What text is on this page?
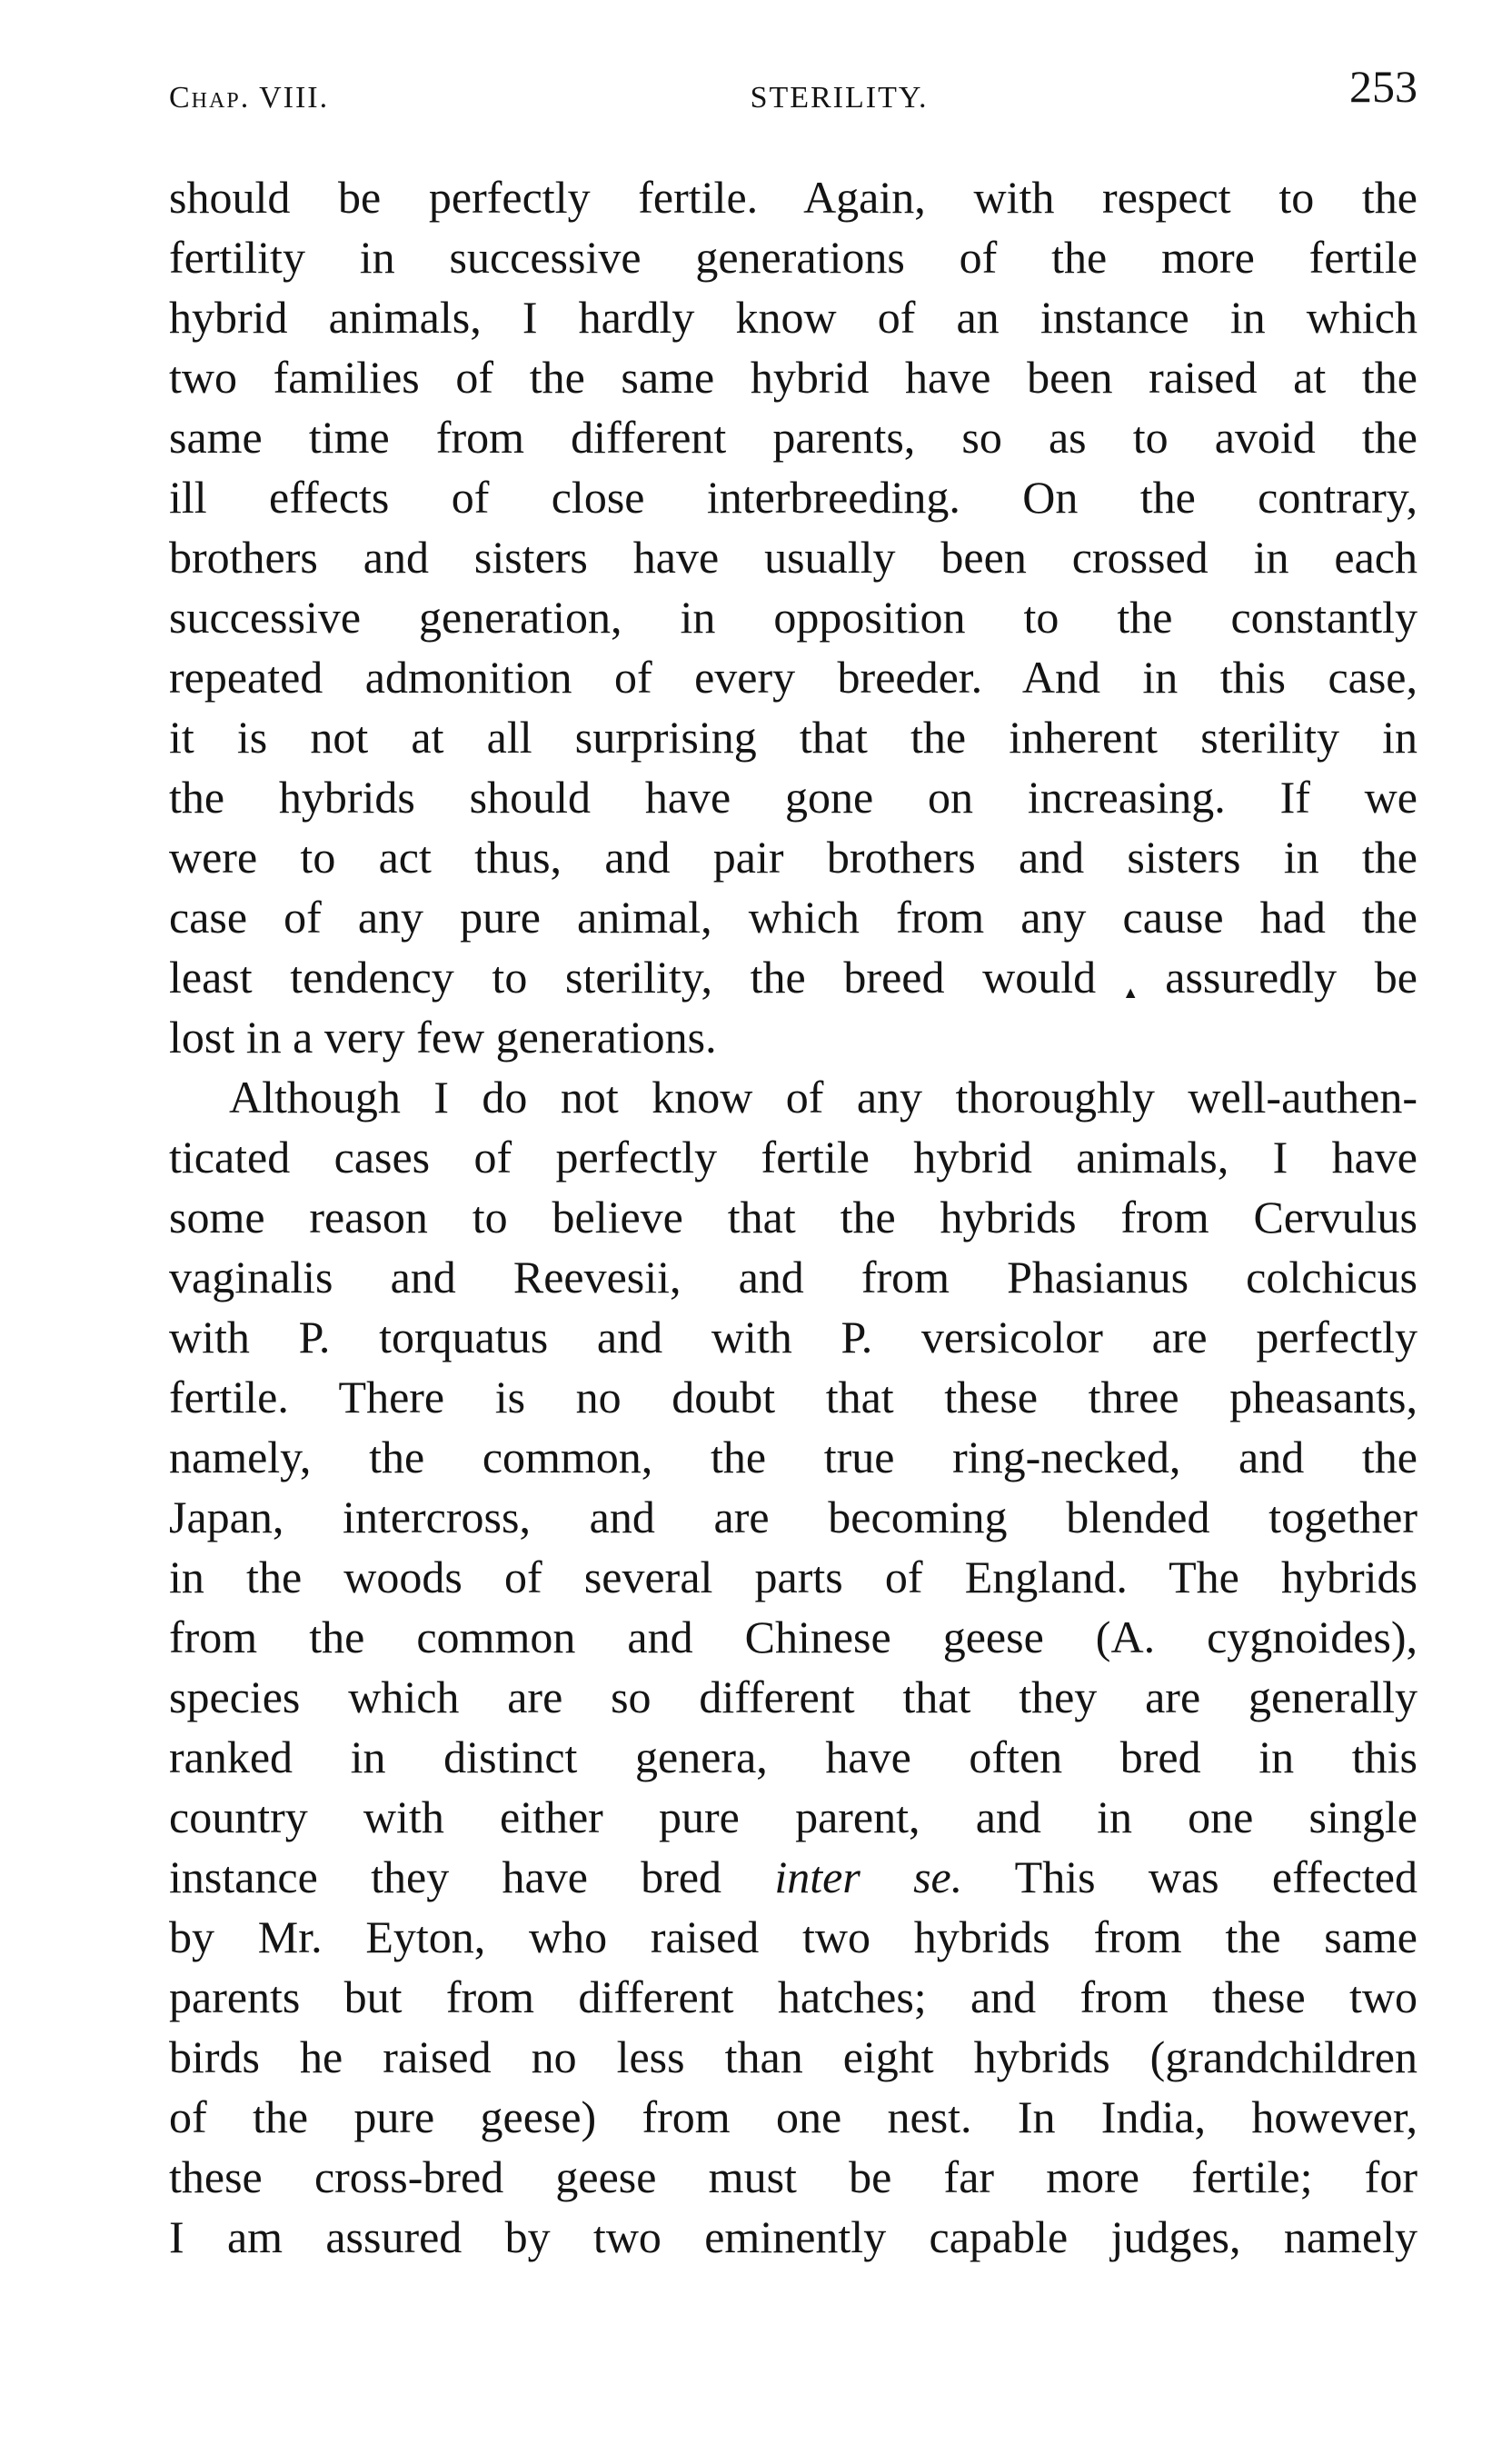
Chap. VIII.	STERILITY.	253
should be perfectly fertile. Again, with respect to the
fertility in successive generations of the more fertile
hybrid animals, I hardly know of an instance in which
two families of the same hybrid have been raised at the
same time from different parents, so as to avoid the
ill effects of close interbreeding. On the contrary,
brothers and sisters have usually been crossed in each
successive generation, in opposition to the constantly
repeated admonition of every breeder. And in this case,
it is not at all surprising that the inherent sterility in
the hybrids should have gone on increasing. If we
were to act thus, and pair brothers and sisters in the
case of any pure animal, which from any cause had the
least tendency to sterility, the breed would▲assuredly be
lost in a very few generations.
Although I do not know of any thoroughly well-authen-
ticated cases of perfectly fertile hybrid animals, I have
some reason to believe that the hybrids from Cervulus
vaginalis and Reevesii, and from Phasianus colchicus
with P. torquatus and with P. versicolor are perfectly
fertile. There is no doubt that these three pheasants,
namely, the common, the true ring-necked, and the
Japan, intercross, and are becoming blended together
in the woods of several parts of England. The hybrids
from the common and Chinese geese (A. cygnoides),
species which are so different that they are generally
ranked in distinct genera, have often bred in this
country with either pure parent, and in one single
instance they have bred inter se. This was effected
by Mr. Eyton, who raised two hybrids from the same
parents but from different hatches; and from these two
birds he raised no less than eight hybrids (grandchildren
of the pure geese) from one nest. In India, however,
these cross-bred geese must be far more fertile; for
I am assured by two eminently capable judges, namely
